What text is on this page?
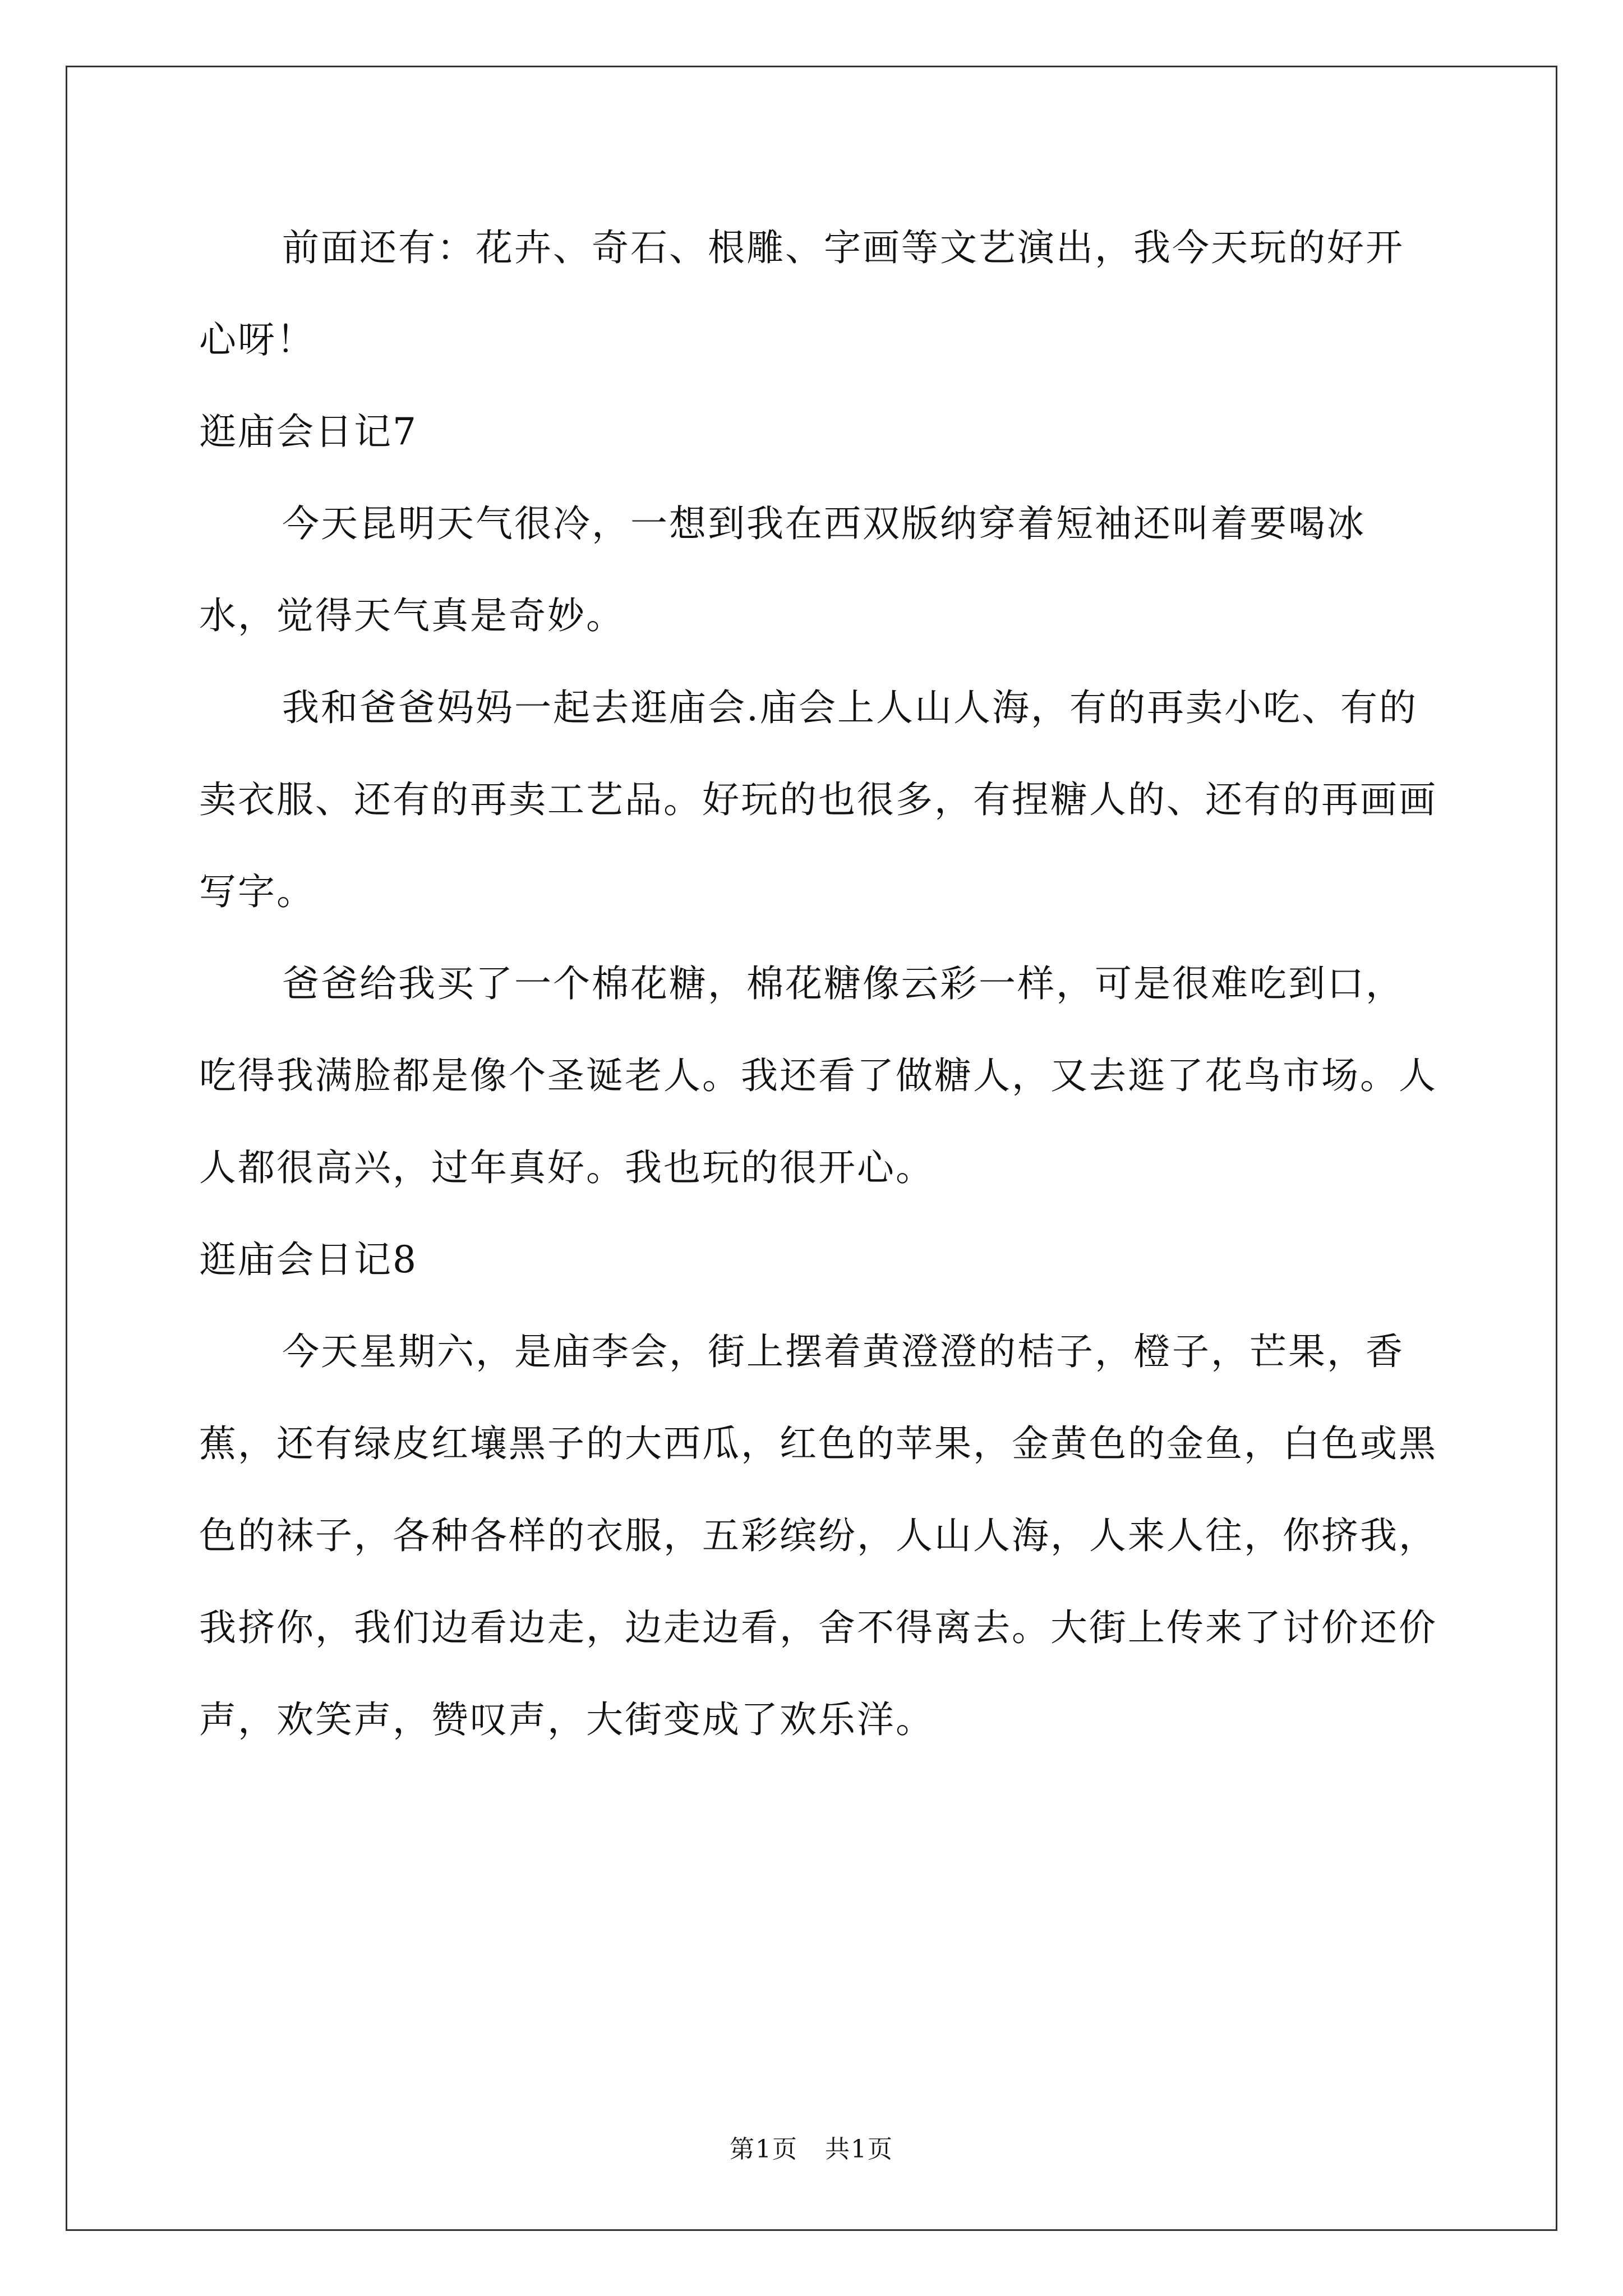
前面还有：花卉、奇石、根雕、字画等文艺演出，我今天玩的好开心呀！

逛庙会日记7

今天昆明天气很冷，一想到我在西双版纳穿着短袖还叫着要喝冰水，觉得天气真是奇妙。

我和爸爸妈妈一起去逛庙会.庙会上人山人海，有的再卖小吃、有的卖衣服、还有的再卖工艺品。好玩的也很多，有捏糖人的、还有的再画画写字。

爸爸给我买了一个棉花糖，棉花糖像云彩一样，可是很难吃到口，吃得我满脸都是像个圣诞老人。我还看了做糖人，又去逛了花鸟市场。人人都很高兴，过年真好。我也玩的很开心。

逛庙会日记8

今天星期六，是庙李会，街上摆着黄澄澄的桔子，橙子，芒果，香蕉，还有绿皮红壤黑子的大西瓜，红色的苹果，金黄色的金鱼，白色或黑色的袜子，各种各样的衣服，五彩缤纷，人山人海，人来人往，你挤我，我挤你，我们边看边走，边走边看，舍不得离去。大街上传来了讨价还价声，欢笑声，赞叹声，大街变成了欢乐洋。

第1页 共1页
